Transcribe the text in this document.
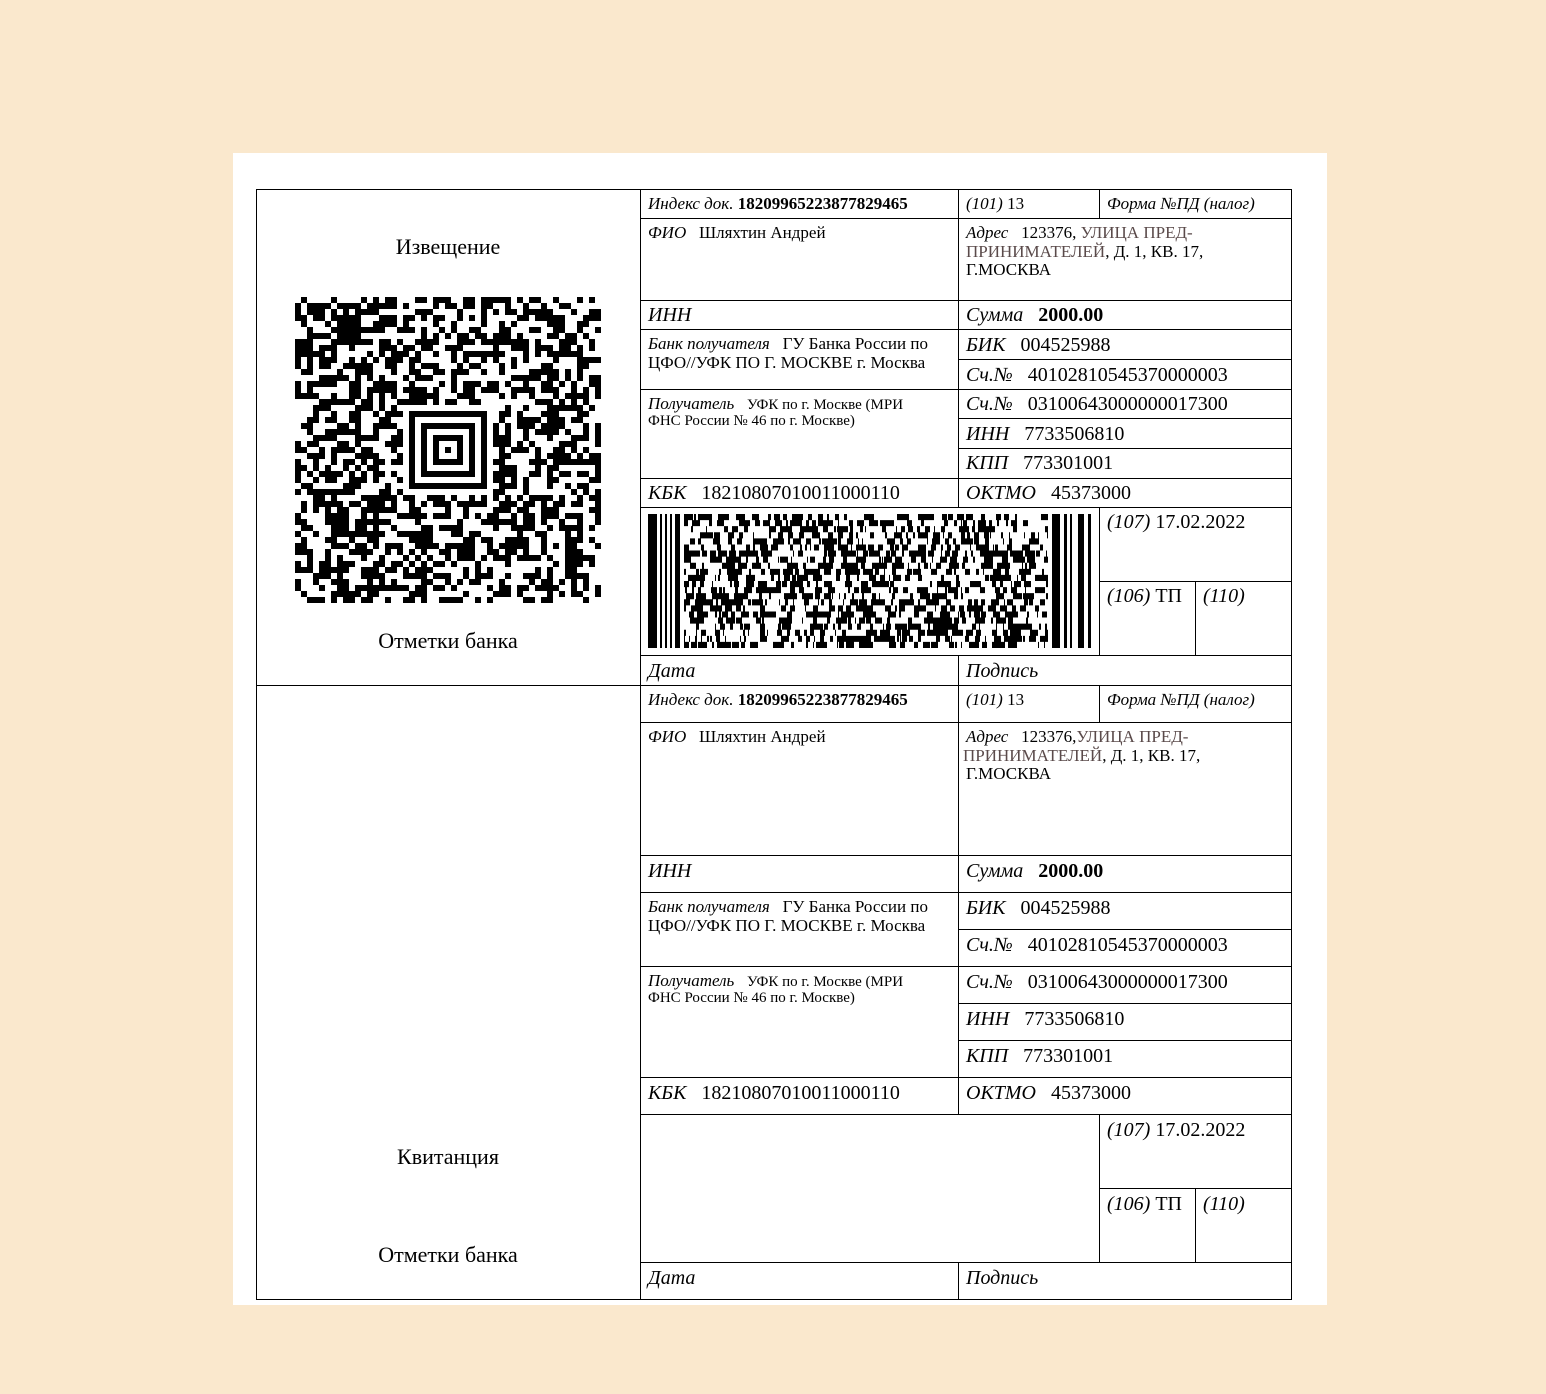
Извещение
Отметки банка
Квитанция
Отметки банка
Индекс док. 18209965223877829465	(101) 13	Форма №ПД (налог)
ФИО Шляхтин Андрей	Адрес 123376, УЛИЦА ПРЕД-
ПРИНИМАТЕЛЕЙ, Д. 1, КВ. 17,
Г.МОСКВА
ИНН	Сумма 2000.00
Банк получателя ГУ Банка России по
ЦФО//УФК ПО Г. МОСКВЕ г. Москва
БИК 004525988
Сч.№ 40102810545370000003
Получатель УФК по г. Москве (МРИ
ФНС России № 46 по г. Москве)
Сч.№ 03100643000000017300
ИНН 7733506810
КПП 773301001
КБК 18210807010011000110	ОКТМО 45373000
(107) 17.02.2022
(106) ТП (110)
Дата	Подпись
Индекс док. 18209965223877829465	(101) 13	Форма №ПД (налог)
ФИО Шляхтин Андрей	Адрес 123376,УЛИЦА ПРЕД-
ПРИНИМАТЕЛЕЙ, Д. 1, КВ. 17,
Г.МОСКВА
ИНН	Сумма 2000.00
Банк получателя ГУ Банка России по
ЦФО//УФК ПО Г. МОСКВЕ г. Москва
БИК 004525988
Сч.№ 40102810545370000003
Получатель УФК по г. Москве (МРИ
ФНС России № 46 по г. Москве)
Сч.№ 03100643000000017300
ИНН 7733506810
КПП 773301001
КБК 18210807010011000110	ОКТМО 45373000
(107) 17.02.2022
(106) ТП (110)
Дата	Подпись
